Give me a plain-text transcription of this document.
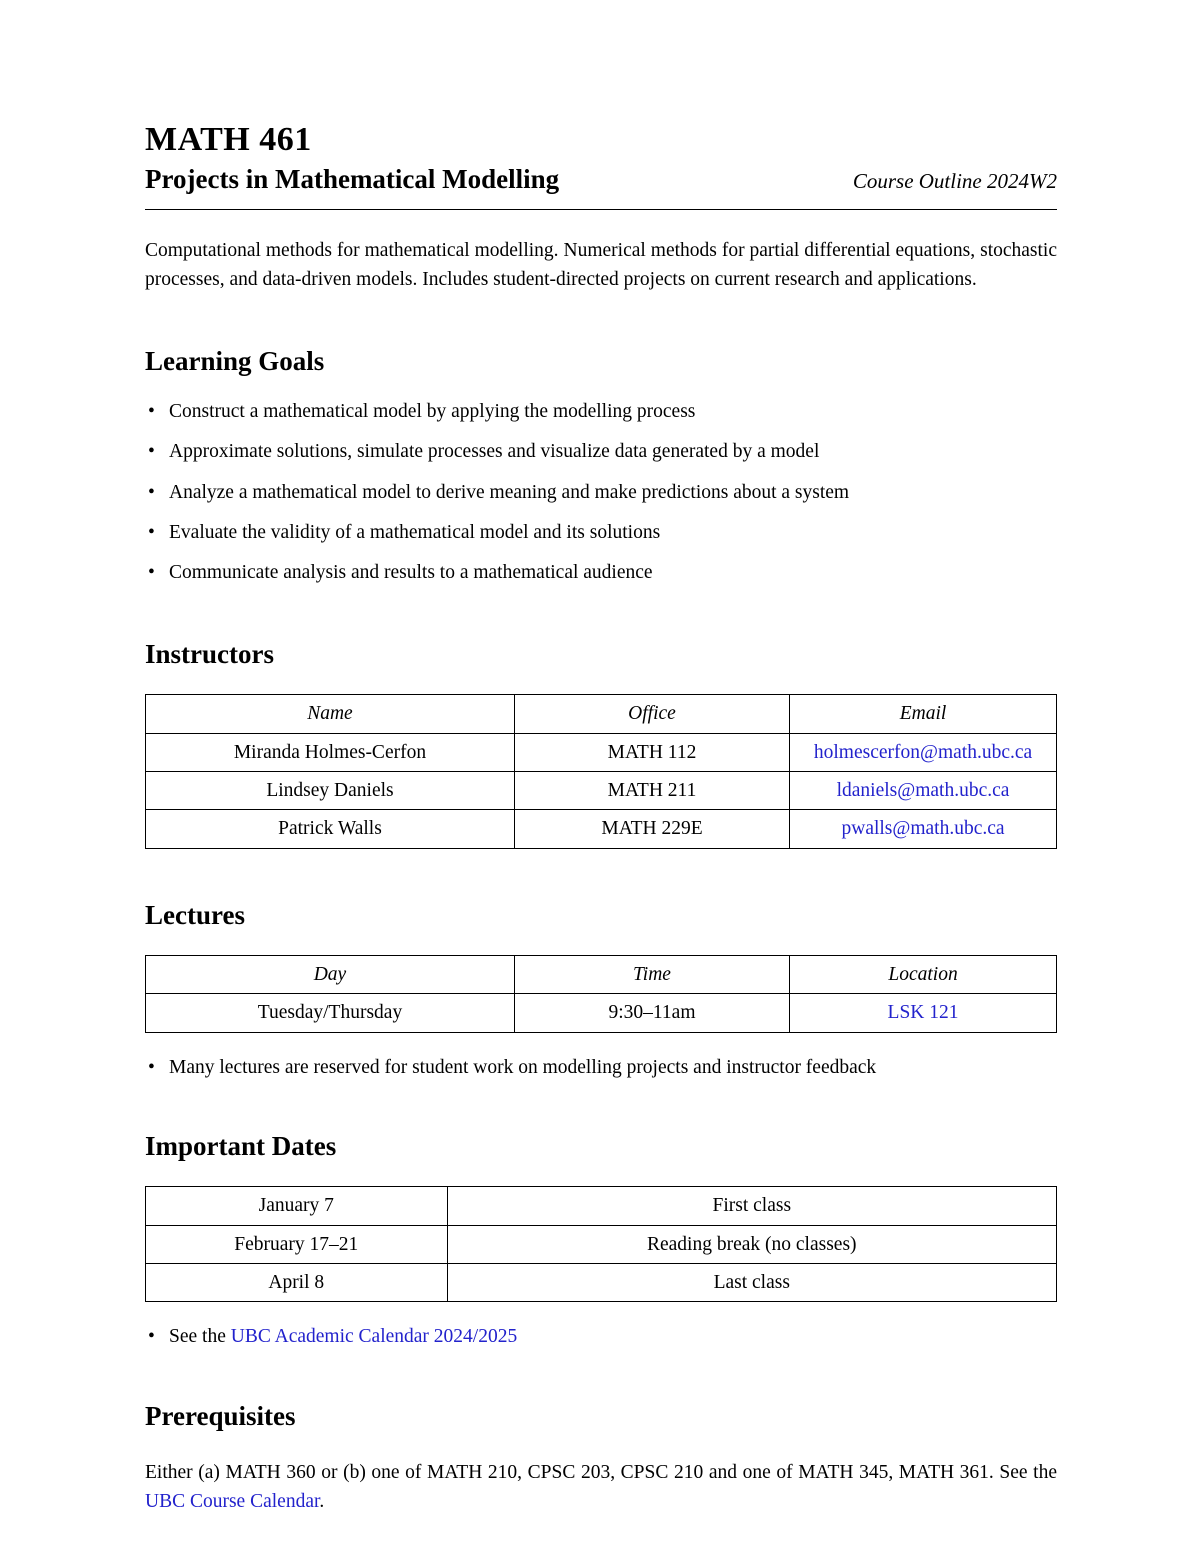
MATH 461
Projects in Mathematical Modelling	Course Outline 2024W2

Computational methods for mathematical modelling. Numerical methods for partial differential equations, stochastic processes, and data-driven models. Includes student-directed projects on current research and applications.

Learning Goals
• Construct a mathematical model by applying the modelling process
• Approximate solutions, simulate processes and visualize data generated by a model
• Analyze a mathematical model to derive meaning and make predictions about a system
• Evaluate the validity of a mathematical model and its solutions
• Communicate analysis and results to a mathematical audience
Instructors
Name	Office	Email
Miranda Holmes-Cerfon	MATH 112	holmescerfon@math.ubc.ca
Lindsey Daniels	MATH 211	ldaniels@math.ubc.ca
Patrick Walls	MATH 229E	pwalls@math.ubc.ca
Lectures
Day	Time	Location
Tuesday/Thursday	9:30–11am	LSK 121
• Many lectures are reserved for student work on modelling projects and instructor feedback
Important Dates
January 7	First class
February 17–21	Reading break (no classes)
April 8	Last class
• See the UBC Academic Calendar 2024/2025
Prerequisites

Either (a) MATH 360 or (b) one of MATH 210, CPSC 203, CPSC 210 and one of MATH 345, MATH 361. See the UBC Course Calendar.
